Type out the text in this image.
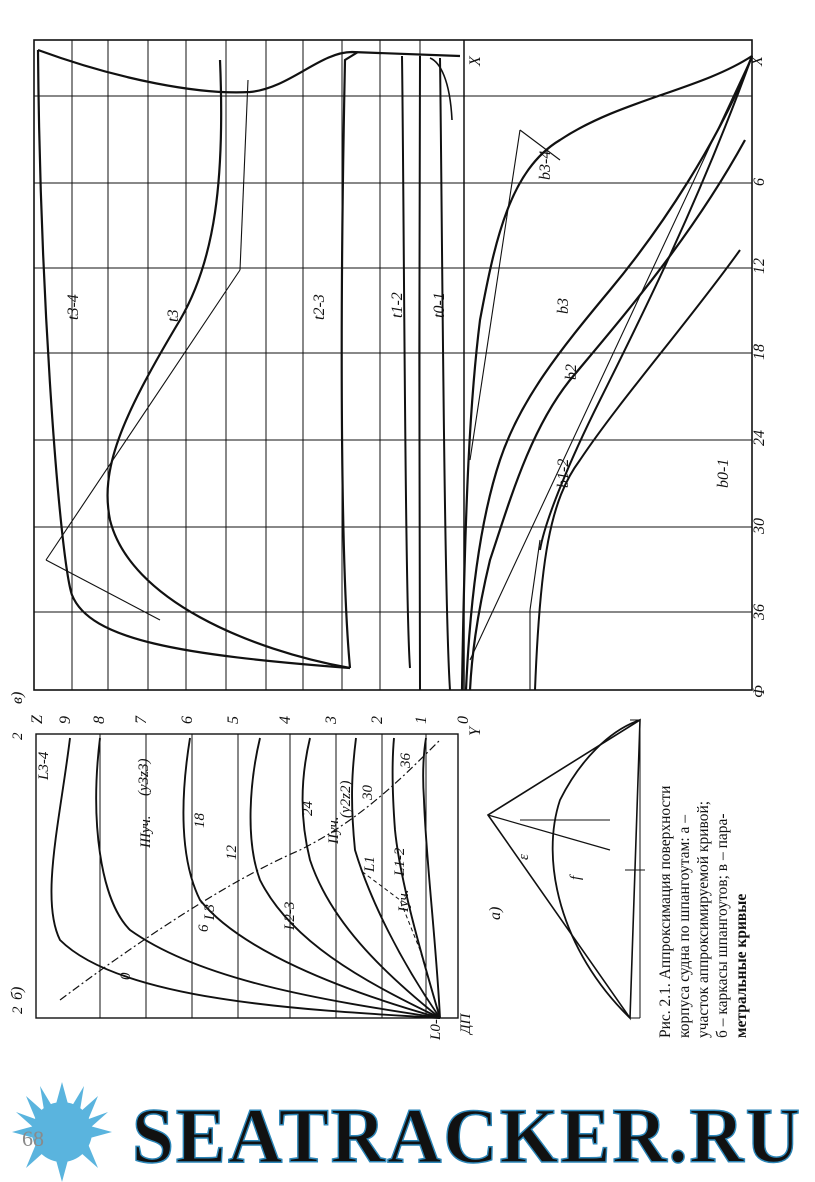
X	X
6
12
18
24
30
36
Ф
Z 9 8 7 6 5 4 3 2 1 0
Y
t3-4	t3	t2-3	t1-2 t0-1
b3-4
b3
b2
b1-2	b0-1
в)
2
2
ДП
L3-4
L3	L2-3
L1 L1-2
L0-1
0
6
12
18
24
30
36
IIIуч.
(y3z3)
IIуч.
(y2z2)
Iуч.
б)
ε
f
а)	Рис. 2.1. Аппроксимация поверхности корпуса судна по шпангоутам: а – участок аппроксимируемой кривой; б – каркасы шпангоутов; в – пара- метральные кривые

SEATRACKER.RU
68
